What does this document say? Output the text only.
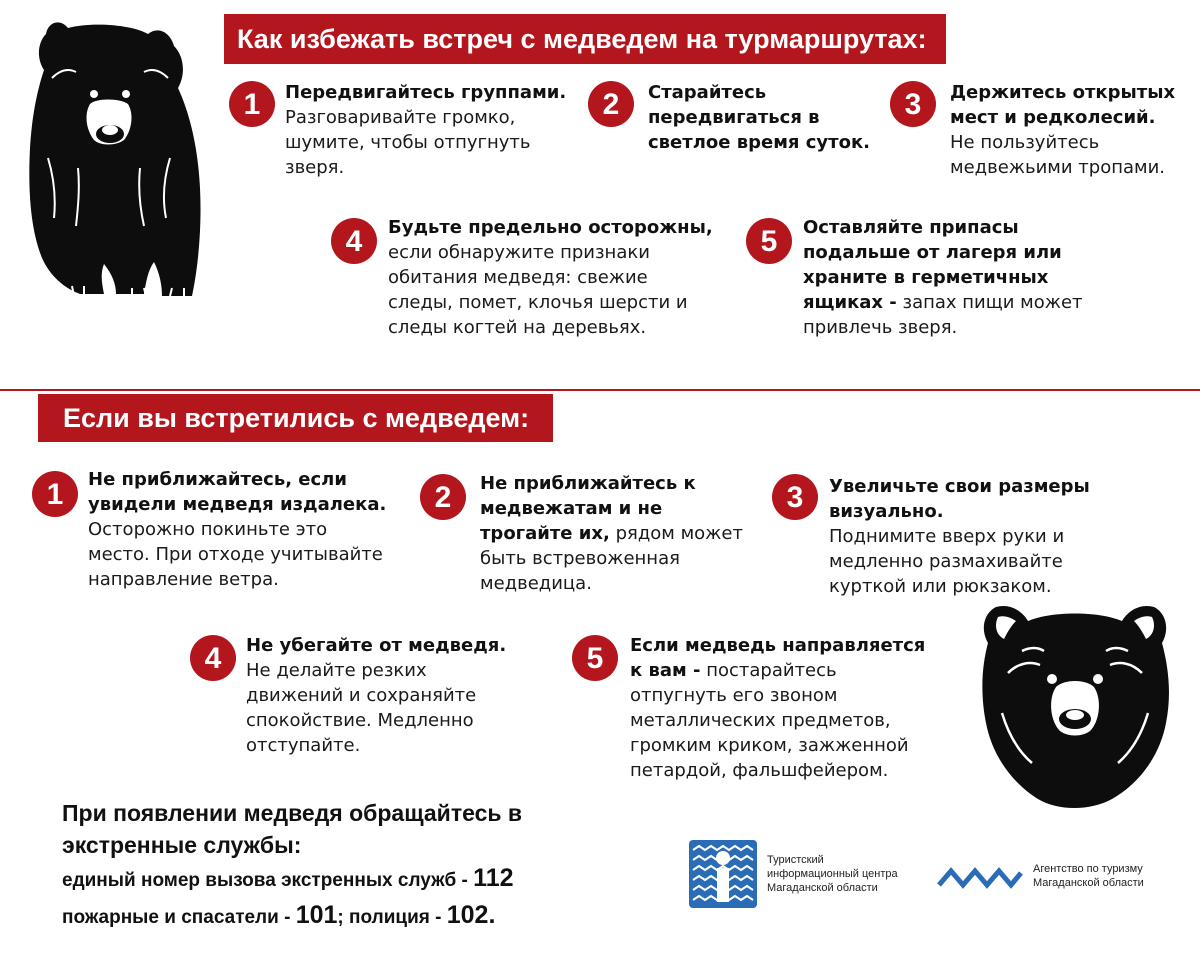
Как избежать встреч с медведем на турмаршрутах:
1 Передвигайтесь группами.
Разговаривайте громко, шумите, чтобы отпугнуть зверя.
2 Старайтесь передвигаться в светлое время суток.
3 Держитесь открытых мест и редколесий.
Не пользуйтесь медвежьими тропами.
4 Будьте предельно осторожны, если обнаружите признаки обитания медведя: свежие следы, помет, клочья шерсти и следы когтей на деревьях.
5 Оставляйте припасы подальше от лагеря или храните в герметичных ящиках - запах пищи может привлечь зверя.
Если вы встретились с медведем:
1 Не приближайтесь, если увидели медведя издалека.
Осторожно покиньте это место. При отходе учитывайте направление ветра.
2 Не приближайтесь к медвежатам и не трогайте их, рядом может быть встревоженная медведица.
3 Увеличьте свои размеры визуально.
Поднимите вверх руки и медленно размахивайте курткой или рюкзаком.
4 Не убегайте от медведя.
Не делайте резких движений и сохраняйте спокойствие. Медленно отступайте.
5 Если медведь направляется к вам - постарайтесь отпугнуть его звоном металлических предметов, громким криком, зажженной петардой, фальшфейером.
При появлении медведя обращайтесь в
экстренные службы:
единый номер вызова экстренных служб - 112
пожарные и спасатели - 101; полиция - 102.
Туристский
информационный центра
Магаданской области
Агентство по туризму
Магаданской области
